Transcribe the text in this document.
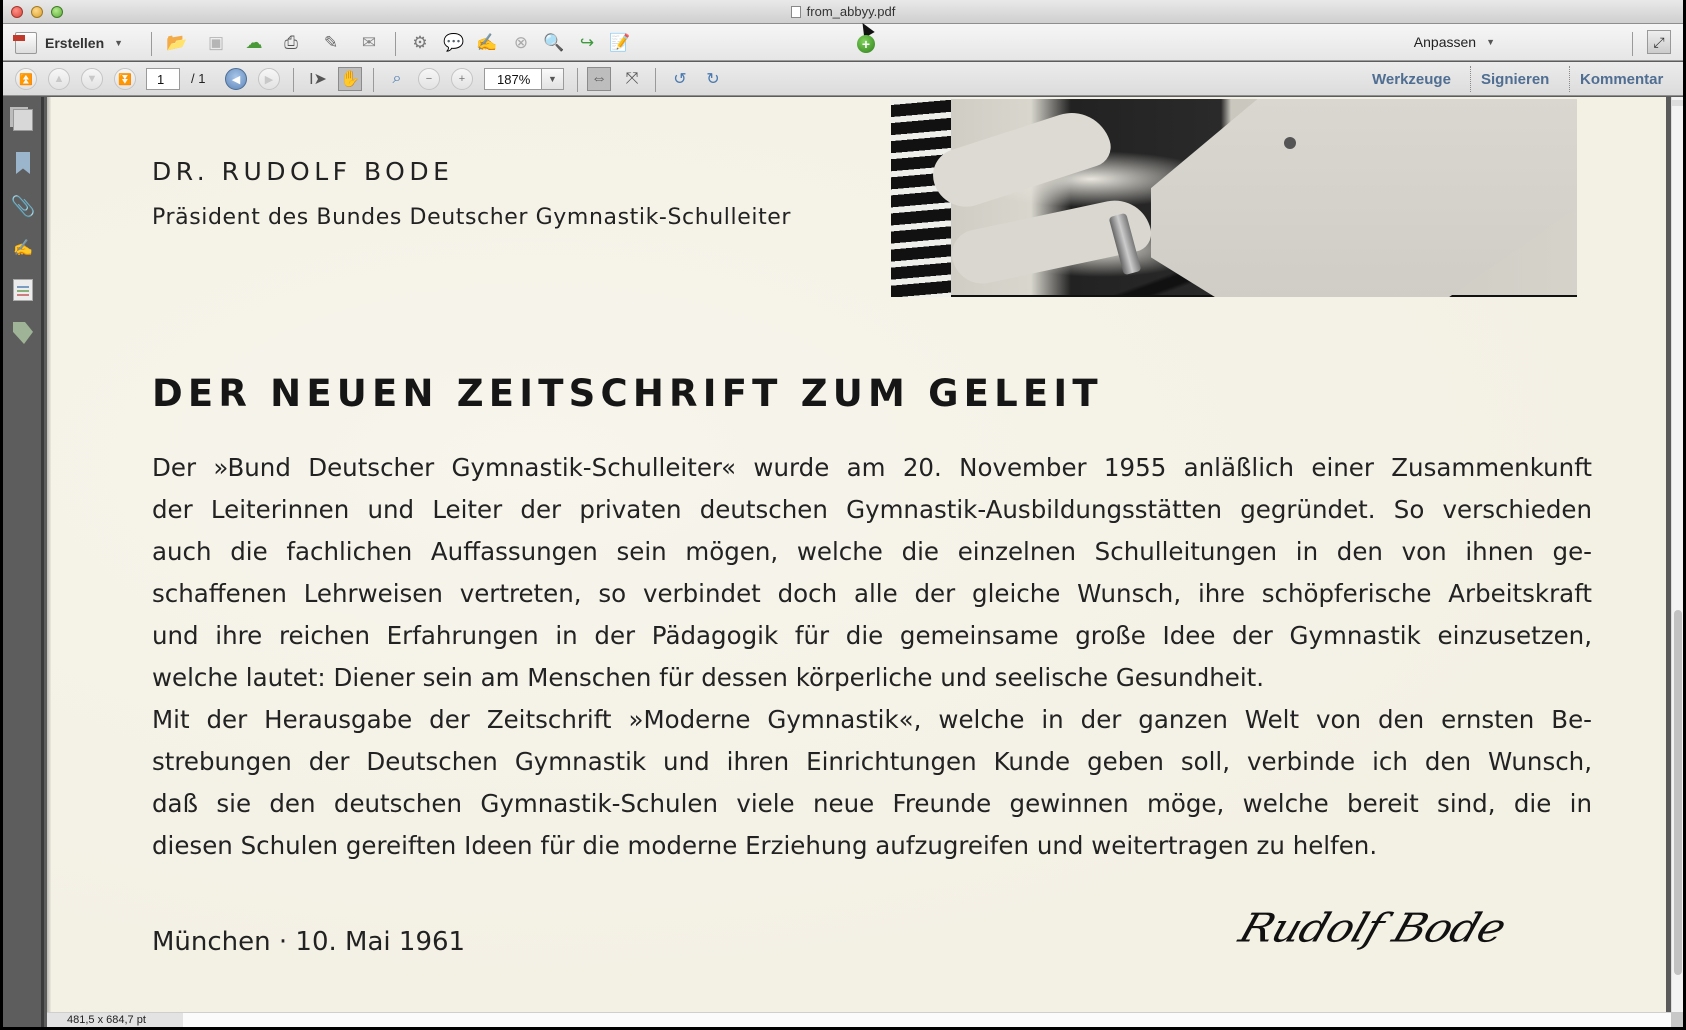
from_abbyy.pdf
Erstellen ▼	📂 ▣ ☁ ⎙ ✎ ✉ ⚙ 💬 ✍ ⊗ 🔍 ↪ 📝	Anpassen ▼	⤢
⏫ ▲ ▼ ⏬	1	/ 1 ◀ ▶ I➤ ✋ ⌕ − +	187%	▼ ⇔ ⤧ ↺ ↻	Werkzeuge Signieren Kommentar
📎
✍
DR. RUDOLF BODE
Präsident des Bundes Deutscher Gymnastik-Schulleiter
DER NEUEN ZEITSCHRIFT ZUM GELEIT
Der »Bund Deutscher Gymnastik-Schulleiter« wurde am 20. November 1955 anläßlich einer Zusammenkunft
der Leiterinnen und Leiter der privaten deutschen Gymnastik-Ausbildungsstätten gegründet. So verschieden
auch die fachlichen Auffassungen sein mögen, welche die einzelnen Schulleitungen in den von ihnen ge-
schaffenen Lehrweisen vertreten, so verbindet doch alle der gleiche Wunsch, ihre schöpferische Arbeitskraft
und ihre reichen Erfahrungen in der Pädagogik für die gemeinsame große Idee der Gymnastik einzusetzen,
welche lautet: Diener sein am Menschen für dessen körperliche und seelische Gesundheit.
Mit der Herausgabe der Zeitschrift »Moderne Gymnastik«, welche in der ganzen Welt von den ernsten Be-
strebungen der Deutschen Gymnastik und ihren Einrichtungen Kunde geben soll, verbinde ich den Wunsch,
daß sie den deutschen Gymnastik-Schulen viele neue Freunde gewinnen möge, welche bereit sind, die in
diesen Schulen gereiften Ideen für die moderne Erziehung aufzugreifen und weitertragen zu helfen.
München · 10. Mai 1961	Rudolf Bode
481,5 x 684,7 pt
+
